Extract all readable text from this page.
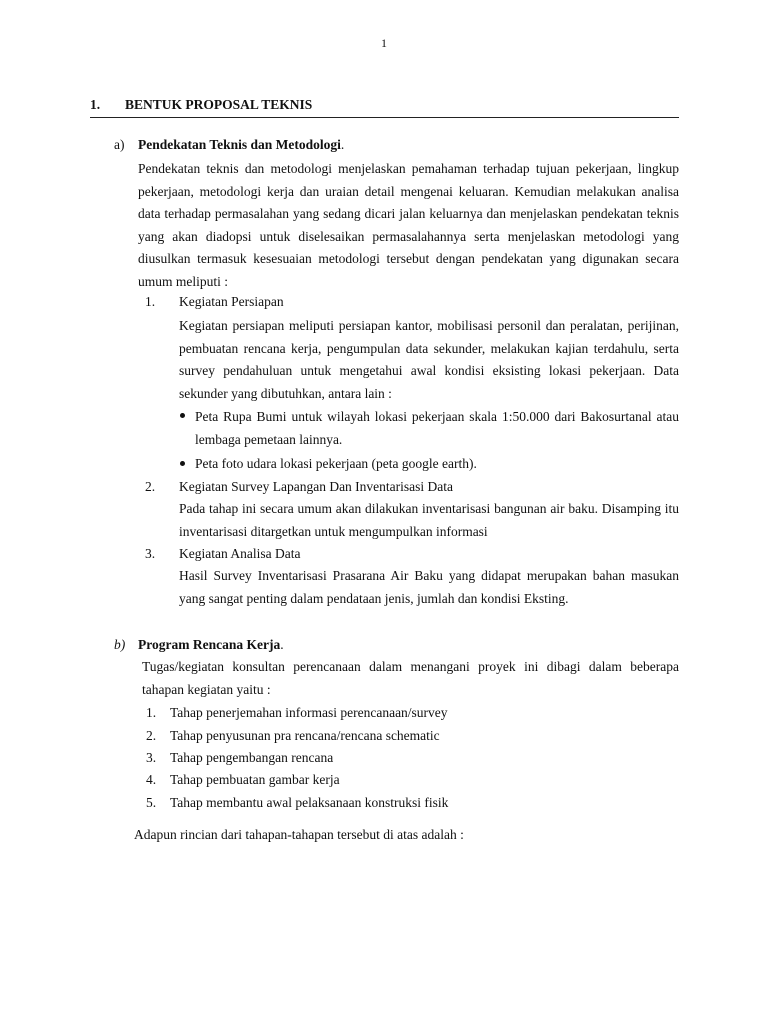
1
1. BENTUK PROPOSAL TEKNIS
a) Pendekatan Teknis dan Metodologi.
Pendekatan teknis dan metodologi menjelaskan pemahaman terhadap tujuan pekerjaan, lingkup pekerjaan, metodologi kerja dan uraian detail mengenai keluaran. Kemudian melakukan analisa data terhadap permasalahan yang sedang dicari jalan keluarnya dan menjelaskan pendekatan teknis yang akan diadopsi untuk diselesaikan permasalahannya serta menjelaskan metodologi yang diusulkan termasuk kesesuaian metodologi tersebut dengan pendekatan yang digunakan secara umum meliputi :
1. Kegiatan Persiapan
Kegiatan persiapan meliputi persiapan kantor, mobilisasi personil dan peralatan, perijinan, pembuatan rencana kerja, pengumpulan data sekunder, melakukan kajian terdahulu, serta survey pendahuluan untuk mengetahui awal kondisi eksisting lokasi pekerjaan. Data sekunder yang dibutuhkan, antara lain :
Peta Rupa Bumi untuk wilayah lokasi pekerjaan skala 1:50.000 dari Bakosurtanal atau lembaga pemetaan lainnya.
Peta foto udara lokasi pekerjaan (peta google earth).
2. Kegiatan Survey Lapangan Dan Inventarisasi Data
Pada tahap ini secara umum akan dilakukan inventarisasi bangunan air baku. Disamping itu inventarisasi ditargetkan untuk mengumpulkan informasi
3. Kegiatan Analisa Data
Hasil Survey Inventarisasi Prasarana Air Baku yang didapat merupakan bahan masukan yang sangat penting dalam pendataan jenis, jumlah dan kondisi Eksting.
b) Program Rencana Kerja.
Tugas/kegiatan konsultan perencanaan dalam menangani proyek ini dibagi dalam beberapa tahapan kegiatan yaitu :
1. Tahap penerjemahan informasi perencanaan/survey
2. Tahap penyusunan pra rencana/rencana schematic
3. Tahap pengembangan rencana
4. Tahap pembuatan gambar kerja
5. Tahap membantu awal pelaksanaan konstruksi fisik
Adapun rincian dari tahapan-tahapan tersebut di atas adalah :
